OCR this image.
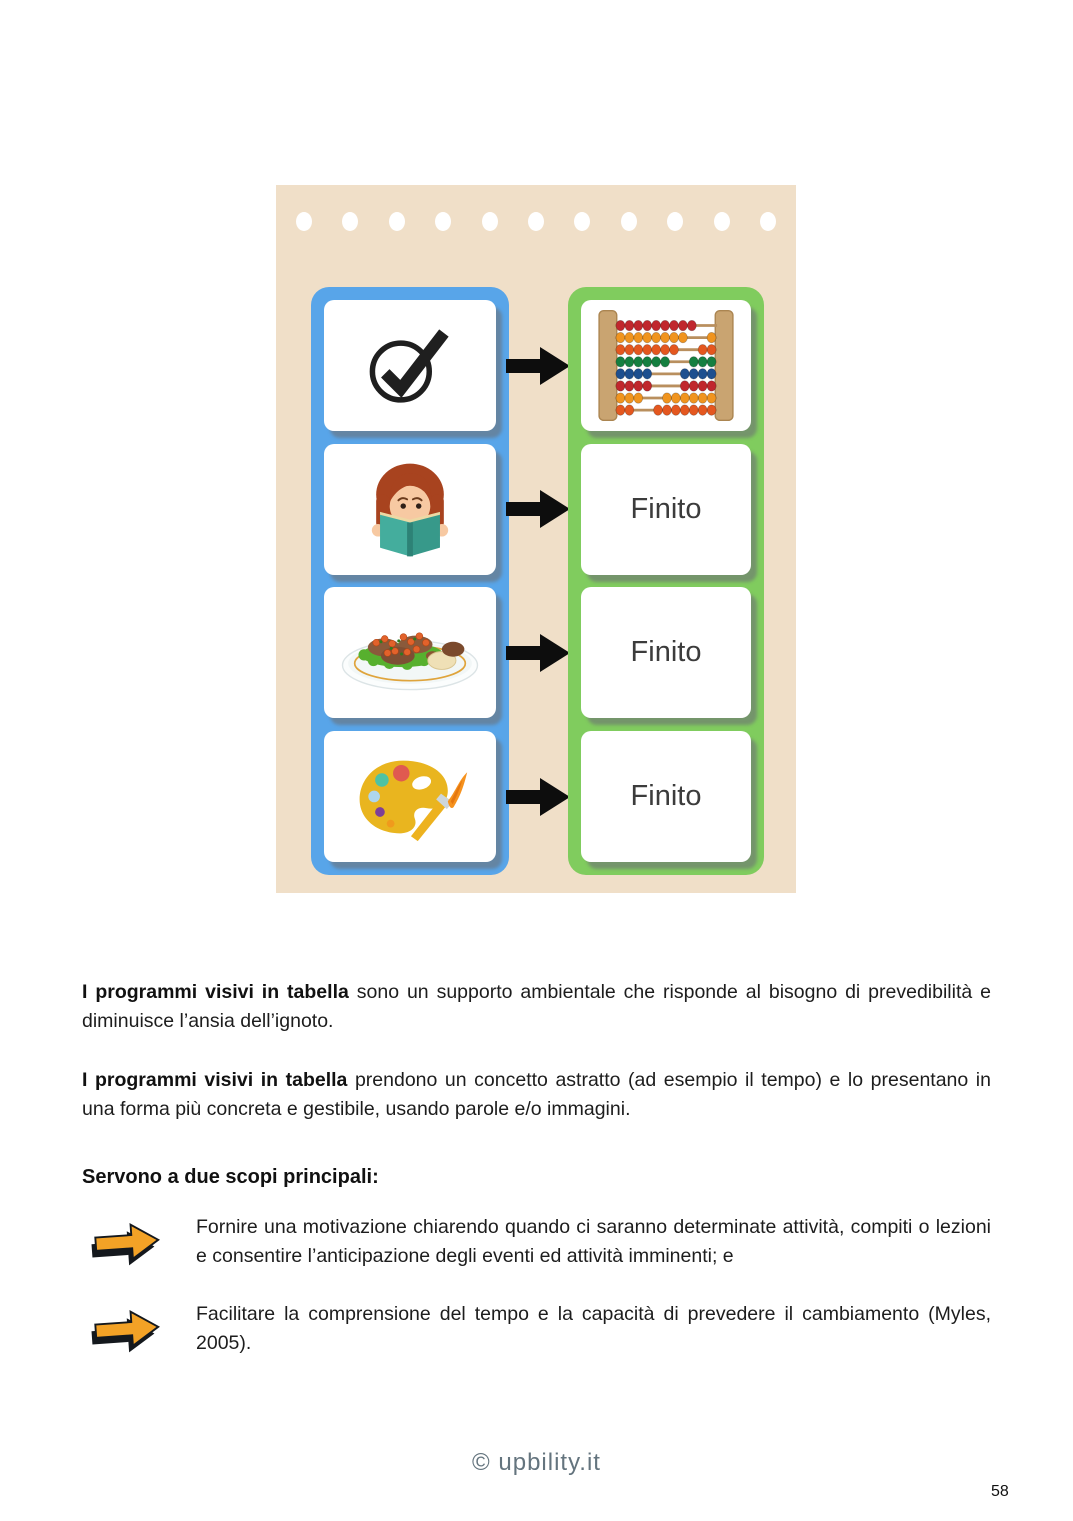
Finito
Finito
Finito

I programmi visivi in tabella sono un supporto ambientale che risponde al bisogno di prevedibilità e diminuisce l’ansia dell’ignoto.

I programmi visivi in tabella prendono un concetto astratto (ad esempio il tempo) e lo presentano in una forma più concreta e gestibile, usando parole e/o immagini.

Servono a due scopi principali:
Fornire una motivazione chiarendo quando ci saranno determinate attività, compiti o lezioni e consentire l’anticipazione degli eventi ed attività imminenti; e
Facilitare la comprensione del tempo e la capacità di prevedere il cambiamento (Myles, 2005).
© upbility.it
58
